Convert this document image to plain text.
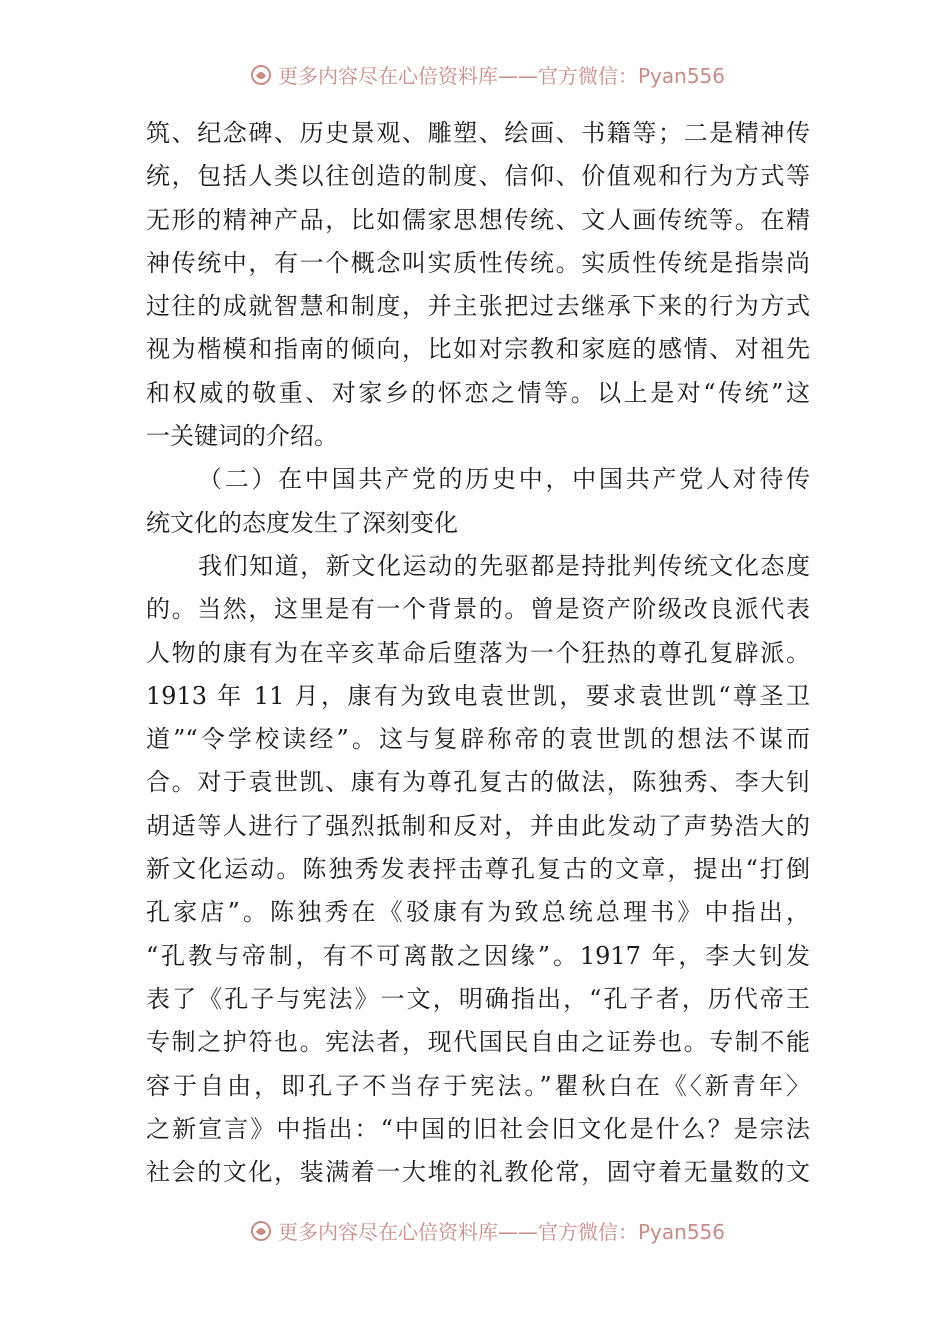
更多内容尽在心倍资料库——官方微信：Pyan556
筑、纪念碑、历史景观、雕塑、绘画、书籍等；二是精神传
统，包括人类以往创造的制度、信仰、价值观和行为方式等
无形的精神产品，比如儒家思想传统、文人画传统等。在精
神传统中，有一个概念叫实质性传统。实质性传统是指崇尚
过往的成就智慧和制度，并主张把过去继承下来的行为方式
视为楷模和指南的倾向，比如对宗教和家庭的感情、对祖先
和权威的敬重、对家乡的怀恋之情等。以上是对“传统”这
一关键词的介绍。
（二）在中国共产党的历史中，中国共产党人对待传
统文化的态度发生了深刻变化
我们知道，新文化运动的先驱都是持批判传统文化态度
的。当然，这里是有一个背景的。曾是资产阶级改良派代表
人物的康有为在辛亥革命后堕落为一个狂热的尊孔复辟派。
1913 年 11 月，康有为致电袁世凯，要求袁世凯“尊圣卫
道”“令学校读经”。这与复辟称帝的袁世凯的想法不谋而
合。对于袁世凯、康有为尊孔复古的做法，陈独秀、李大钊
胡适等人进行了强烈抵制和反对，并由此发动了声势浩大的
新文化运动。陈独秀发表抨击尊孔复古的文章，提出“打倒
孔家店”。陈独秀在《驳康有为致总统总理书》中指出，
“孔教与帝制，有不可离散之因缘”。1917 年，李大钊发
表了《孔子与宪法》一文，明确指出，“孔子者，历代帝王
专制之护符也。宪法者，现代国民自由之证券也。专制不能
容于自由，即孔子不当存于宪法。”瞿秋白在《〈新青年〉
之新宣言》中指出：“中国的旧社会旧文化是什么？是宗法
社会的文化，装满着一大堆的礼教伦常，固守着无量数的文
更多内容尽在心倍资料库——官方微信：Pyan556
